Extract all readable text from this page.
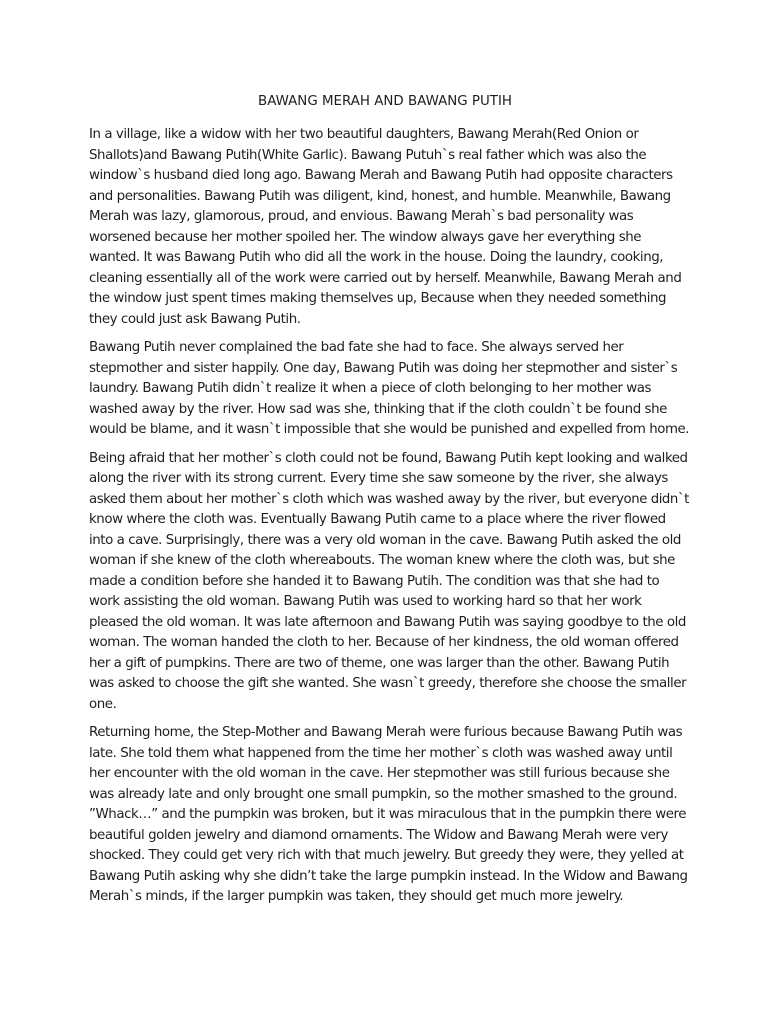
BAWANG MERAH AND BAWANG PUTIH
In a village, like a widow with her two beautiful daughters, Bawang Merah(Red Onion or
Shallots)and Bawang Putih(White Garlic). Bawang Putuh`s real father which was also the
window`s husband died long ago. Bawang Merah and Bawang Putih had opposite characters
and personalities. Bawang Putih was diligent, kind, honest, and humble. Meanwhile, Bawang
Merah was lazy, glamorous, proud, and envious. Bawang Merah`s bad personality was
worsened because her mother spoiled her. The window always gave her everything she
wanted. It was Bawang Putih who did all the work in the house. Doing the laundry, cooking,
cleaning essentially all of the work were carried out by herself. Meanwhile, Bawang Merah and
the window just spent times making themselves up, Because when they needed something
they could just ask Bawang Putih.
Bawang Putih never complained the bad fate she had to face. She always served her
stepmother and sister happily. One day, Bawang Putih was doing her stepmother and sister`s
laundry. Bawang Putih didn`t realize it when a piece of cloth belonging to her mother was
washed away by the river. How sad was she, thinking that if the cloth couldn`t be found she
would be blame, and it wasn`t impossible that she would be punished and expelled from home.
Being afraid that her mother`s cloth could not be found, Bawang Putih kept looking and walked
along the river with its strong current. Every time she saw someone by the river, she always
asked them about her mother`s cloth which was washed away by the river, but everyone didn`t
know where the cloth was. Eventually Bawang Putih came to a place where the river flowed
into a cave. Surprisingly, there was a very old woman in the cave. Bawang Putih asked the old
woman if she knew of the cloth whereabouts. The woman knew where the cloth was, but she
made a condition before she handed it to Bawang Putih. The condition was that she had to
work assisting the old woman. Bawang Putih was used to working hard so that her work
pleased the old woman. It was late afternoon and Bawang Putih was saying goodbye to the old
woman. The woman handed the cloth to her. Because of her kindness, the old woman offered
her a gift of pumpkins. There are two of theme, one was larger than the other. Bawang Putih
was asked to choose the gift she wanted. She wasn`t greedy, therefore she choose the smaller
one.
Returning home, the Step-Mother and Bawang Merah were furious because Bawang Putih was
late. She told them what happened from the time her mother`s cloth was washed away until
her encounter with the old woman in the cave. Her stepmother was still furious because she
was already late and only brought one small pumpkin, so the mother smashed to the ground.
”Whack…” and the pumpkin was broken, but it was miraculous that in the pumpkin there were
beautiful golden jewelry and diamond ornaments. The Widow and Bawang Merah were very
shocked. They could get very rich with that much jewelry. But greedy they were, they yelled at
Bawang Putih asking why she didn’t take the large pumpkin instead. In the Widow and Bawang
Merah`s minds, if the larger pumpkin was taken, they should get much more jewelry.
